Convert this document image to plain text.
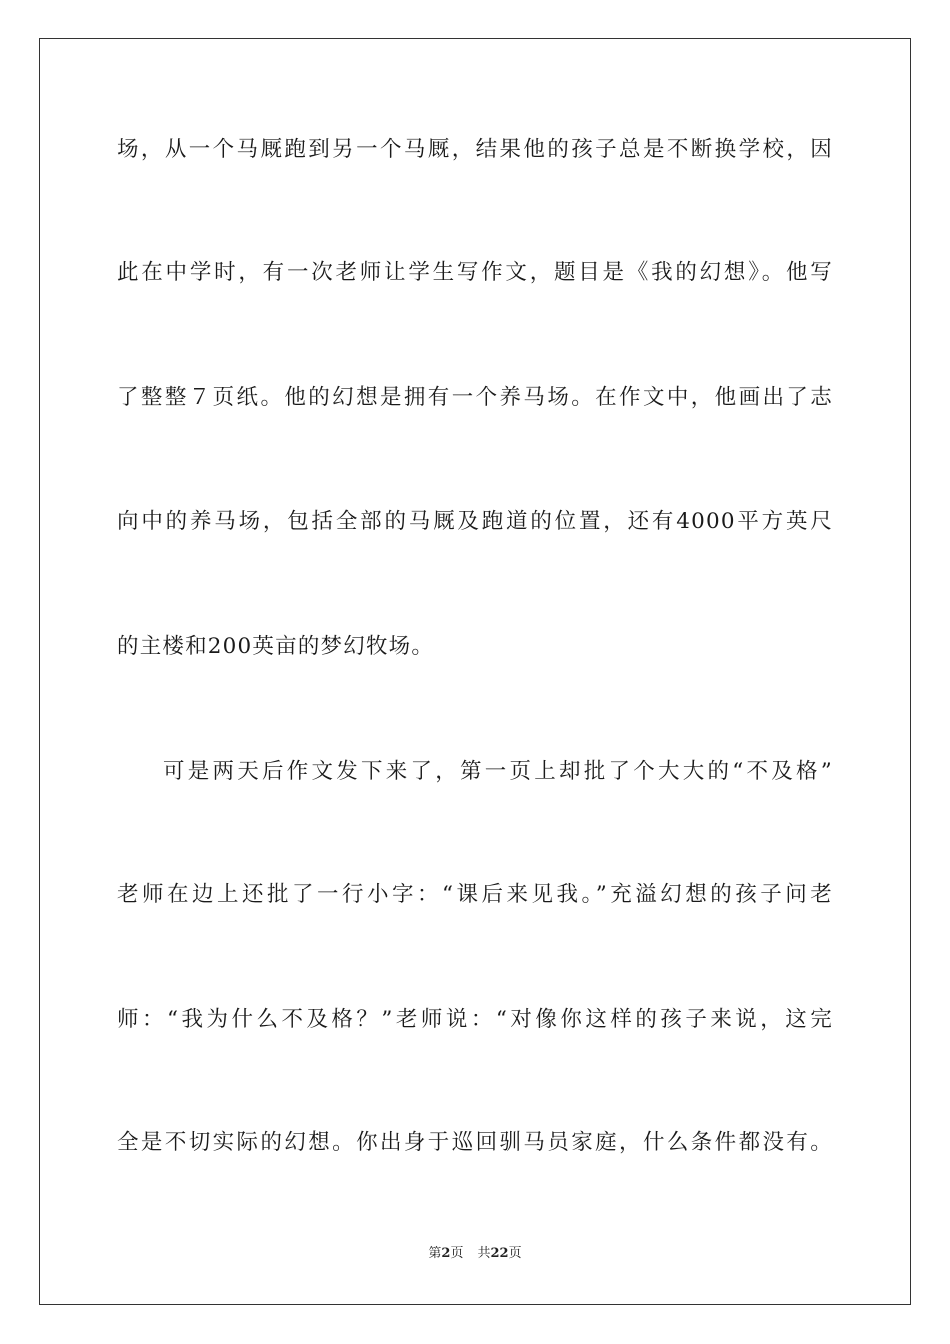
场，从一个马厩跑到另一个马厩，结果他的孩子总是不断换学校，因
此在中学时，有一次老师让学生写作文，题目是《我的幻想》。他写
了整整７页纸。他的幻想是拥有一个养马场。在作文中，他画出了志
向中的养马场，包括全部的马厩及跑道的位置，还有4000平方英尺
的主楼和200英亩的梦幻牧场。
可是两天后作文发下来了，第一页上却批了个大大的“不及格”
老师在边上还批了一行小字：“课后来见我。”充溢幻想的孩子问老
师：“我为什么不及格？”老师说：“对像你这样的孩子来说，这完
全是不切实际的幻想。你出身于巡回驯马员家庭，什么条件都没有。
第2页 共22页
